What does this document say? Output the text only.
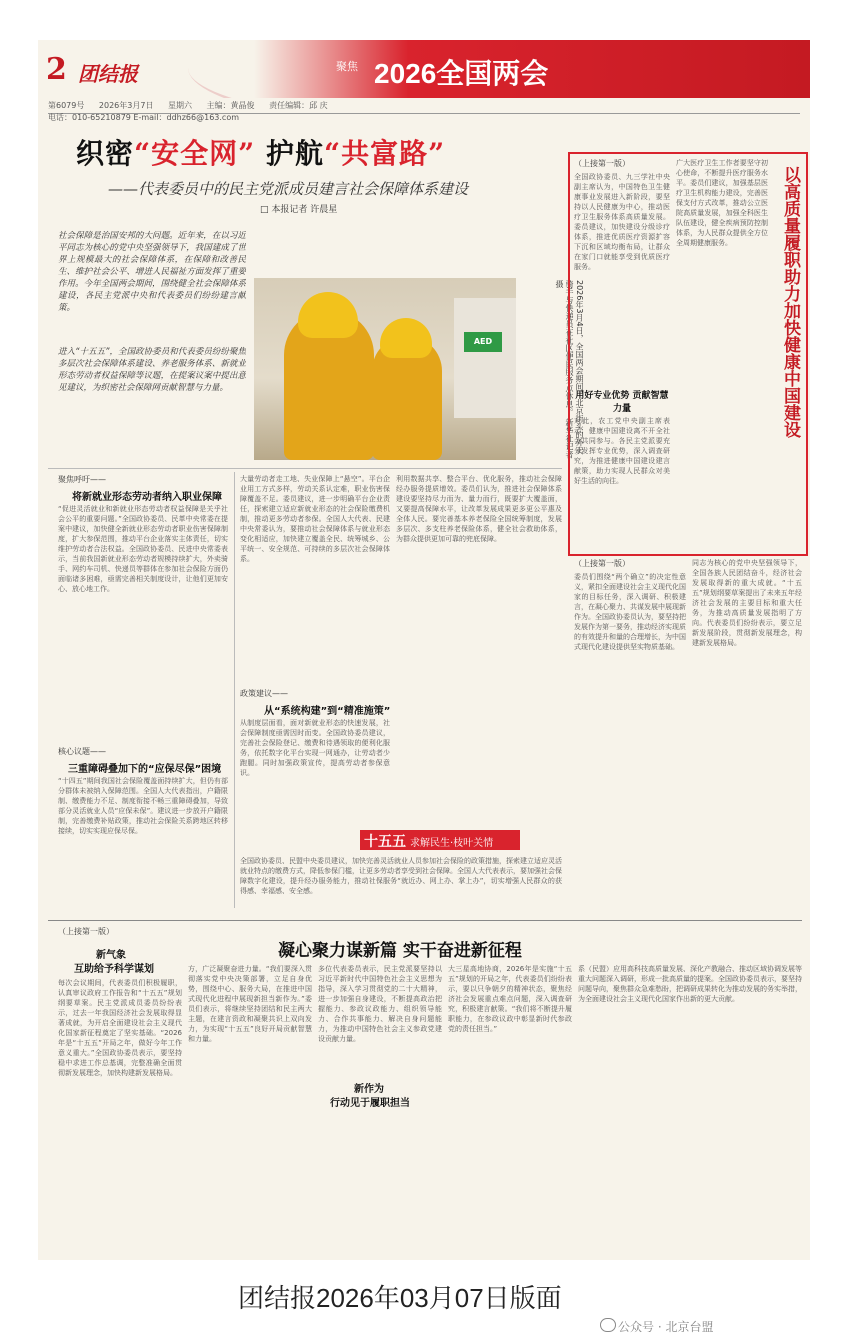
2 团结报	聚焦 2026全国两会
第6079号 2026年3月7日 星期六 主编：黄晶俊 责任编辑：邱 庆
电话：010-65210879 E-mail：ddhz66@163.com
织密“安全网” 护航“共富路”
——代表委员中的民主党派成员建言社会保障体系建设
□ 本报记者 许晨星
社会保障是治国安邦的大问题。近年来，在以习近平同志为核心的党中央坚强领导下，我国建成了世界上规模最大的社会保障体系，在保障和改善民生、维护社会公平、增进人民福祉方面发挥了重要作用。今年全国两会期间，围绕健全社会保障体系建设，各民主党派中央和代表委员们纷纷建言献策。
进入“十五五”，全国政协委员和代表委员纷纷聚焦多层次社会保障体系建设、养老服务体系、新就业形态劳动者权益保障等议题，在提案议案中提出意见建议，为织密社会保障网贡献智慧与力量。
AED	2026年3月4日，全国两会期间，北京街头的外卖骑手与快递员在社区便民服务点休息。 新华社记者 摄
聚焦呼吁——
将新就业形态劳动者纳入职业保障
“促进灵活就业和新就业形态劳动者权益保障是关乎社会公平的重要问题。”全国政协委员、民革中央常委在提案中建议，加快健全新就业形态劳动者职业伤害保障制度，扩大参保范围，推动平台企业落实主体责任，切实维护劳动者合法权益。全国政协委员、民进中央常委表示，当前我国新就业形态劳动者规模持续扩大，外卖骑手、网约车司机、快递员等群体在参加社会保险方面仍面临诸多困难，亟需完善相关制度设计，让他们更加安心、放心地工作。
核心议题——
三重障碍叠加下的“应保尽保”困境
“十四五”期间我国社会保险覆盖面持续扩大，但仍有部分群体未被纳入保障范围。全国人大代表指出，户籍限制、缴费能力不足、制度衔接不畅三重障碍叠加，导致部分灵活就业人员“应保未保”。建议进一步放开户籍限制，完善缴费补贴政策，推动社会保险关系跨地区转移接续，切实实现应保尽保。
大量劳动者走工地、失业保障上“悬空”。平台企业用工方式多样，劳动关系认定难，职业伤害保障覆盖不足。委员建议，进一步明确平台企业责任，探索建立适应新就业形态的社会保险缴费机制，推动更多劳动者参保。全国人大代表、民建中央常委认为，要推动社会保障体系与就业形态变化相适应，加快建立覆盖全民、统筹城乡、公平统一、安全规范、可持续的多层次社会保障体系。
政策建议——
从“系统构建”到“精准施策”
从制度层面看，面对新就业形态的快速发展，社会保障制度亟需因时而变。全国政协委员建议，完善社会保险登记、缴费和待遇领取的便利化服务，依托数字化平台实现一网通办，让劳动者少跑腿。同时加强政策宣传，提高劳动者参保意识。
利用数据共享、整合平台、优化服务，推动社会保障经办服务提质增效。委员们认为，推进社会保障体系建设要坚持尽力而为、量力而行，既要扩大覆盖面，又要提高保障水平，让改革发展成果更多更公平惠及全体人民。要完善基本养老保险全国统筹制度，发展多层次、多支柱养老保险体系，健全社会救助体系，为群众提供更加可靠的兜底保障。
十五五 求解民生·枝叶关情
全国政协委员、民盟中央委员建议，加快完善灵活就业人员参加社会保险的政策措施，探索建立适应灵活就业特点的缴费方式，降低参保门槛，让更多劳动者享受到社会保障。全国人大代表表示，要加强社会保障数字化建设，提升经办服务能力，推动社保服务“就近办、网上办、掌上办”，切实增强人民群众的获得感、幸福感、安全感。
以高质量履职助力加快健康中国建设
（上接第一版）
全国政协委员、九三学社中央副主席认为，中国特色卫生健康事业发展进入新阶段，要坚持以人民健康为中心，推动医疗卫生服务体系高质量发展。委员建议，加快建设分级诊疗体系，推进优质医疗资源扩容下沉和区域均衡布局，让群众在家门口就能享受到优质医疗服务。
用好专业优势 贡献智慧力量
对此，农工党中央副主席表示，健康中国建设离不开全社会共同参与。各民主党派要充分发挥专业优势，深入调查研究，为推进健康中国建设建言献策，助力实现人民群众对美好生活的向往。
广大医疗卫生工作者要坚守初心使命，不断提升医疗服务水平。委员们建议，加强基层医疗卫生机构能力建设，完善医保支付方式改革，推动公立医院高质量发展，加强全科医生队伍建设，健全疾病预防控制体系，为人民群众提供全方位全周期健康服务。
（上接第一版）
委员们围绕“两个确立”的决定性意义，紧扣全面建设社会主义现代化国家的目标任务，深入调研、积极建言，在凝心聚力、共谋发展中展现新作为。全国政协委员认为，要坚持把发展作为第一要务，推动经济实现质的有效提升和量的合理增长，为中国式现代化建设提供坚实物质基础。
同志为核心的党中央坚强领导下，全国各族人民团结奋斗，经济社会发展取得新的重大成就。“十五五”规划纲要草案提出了未来五年经济社会发展的主要目标和重大任务，为推动高质量发展指明了方向。代表委员们纷纷表示，要立足新发展阶段，贯彻新发展理念，构建新发展格局。
（上接第一版）
新气象
互助给予科学谋划
凝心聚力谋新篇 实干奋进新征程
每次会议期间，代表委员们积极履职，认真审议政府工作报告和“十五五”规划纲要草案。民主党派成员委员纷纷表示，过去一年我国经济社会发展取得显著成就，为开启全面建设社会主义现代化国家新征程奠定了坚实基础。“2026年是“十五五”开局之年，做好今年工作意义重大。”全国政协委员表示，要坚持稳中求进工作总基调，完整准确全面贯彻新发展理念，加快构建新发展格局。
方，广泛凝聚奋进力量。“我们要深入贯彻落实党中央决策部署，立足自身优势，围绕中心、服务大局，在推进中国式现代化进程中展现新担当新作为。”委员们表示，将继续坚持团结和民主两大主题，在建言资政和凝聚共识上双向发力，为实现“十五五”良好开局贡献智慧和力量。
多位代表委员表示，民主党派要坚持以习近平新时代中国特色社会主义思想为指导，深入学习贯彻党的二十大精神，进一步加强自身建设，不断提高政治把握能力、参政议政能力、组织领导能力、合作共事能力、解决自身问题能力，为推动中国特色社会主义参政党建设贡献力量。
新作为
行动见于履职担当
大三星高地协商，2026年是实施“十五五”规划的开局之年，代表委员们纷纷表示，要以只争朝夕的精神状态，聚焦经济社会发展重点难点问题，深入调查研究，积极建言献策。“我们将不断提升履职能力，在参政议政中彰显新时代参政党的责任担当。”
系（民盟）应用高科技高质量发展、深化产教融合、推动区域协调发展等重大问题深入调研，形成一批高质量的提案。全国政协委员表示，要坚持问题导向，聚焦群众急难愁盼，把调研成果转化为推动发展的务实举措，为全面建设社会主义现代化国家作出新的更大贡献。
团结报2026年03月07日版面
公众号 · 北京台盟
